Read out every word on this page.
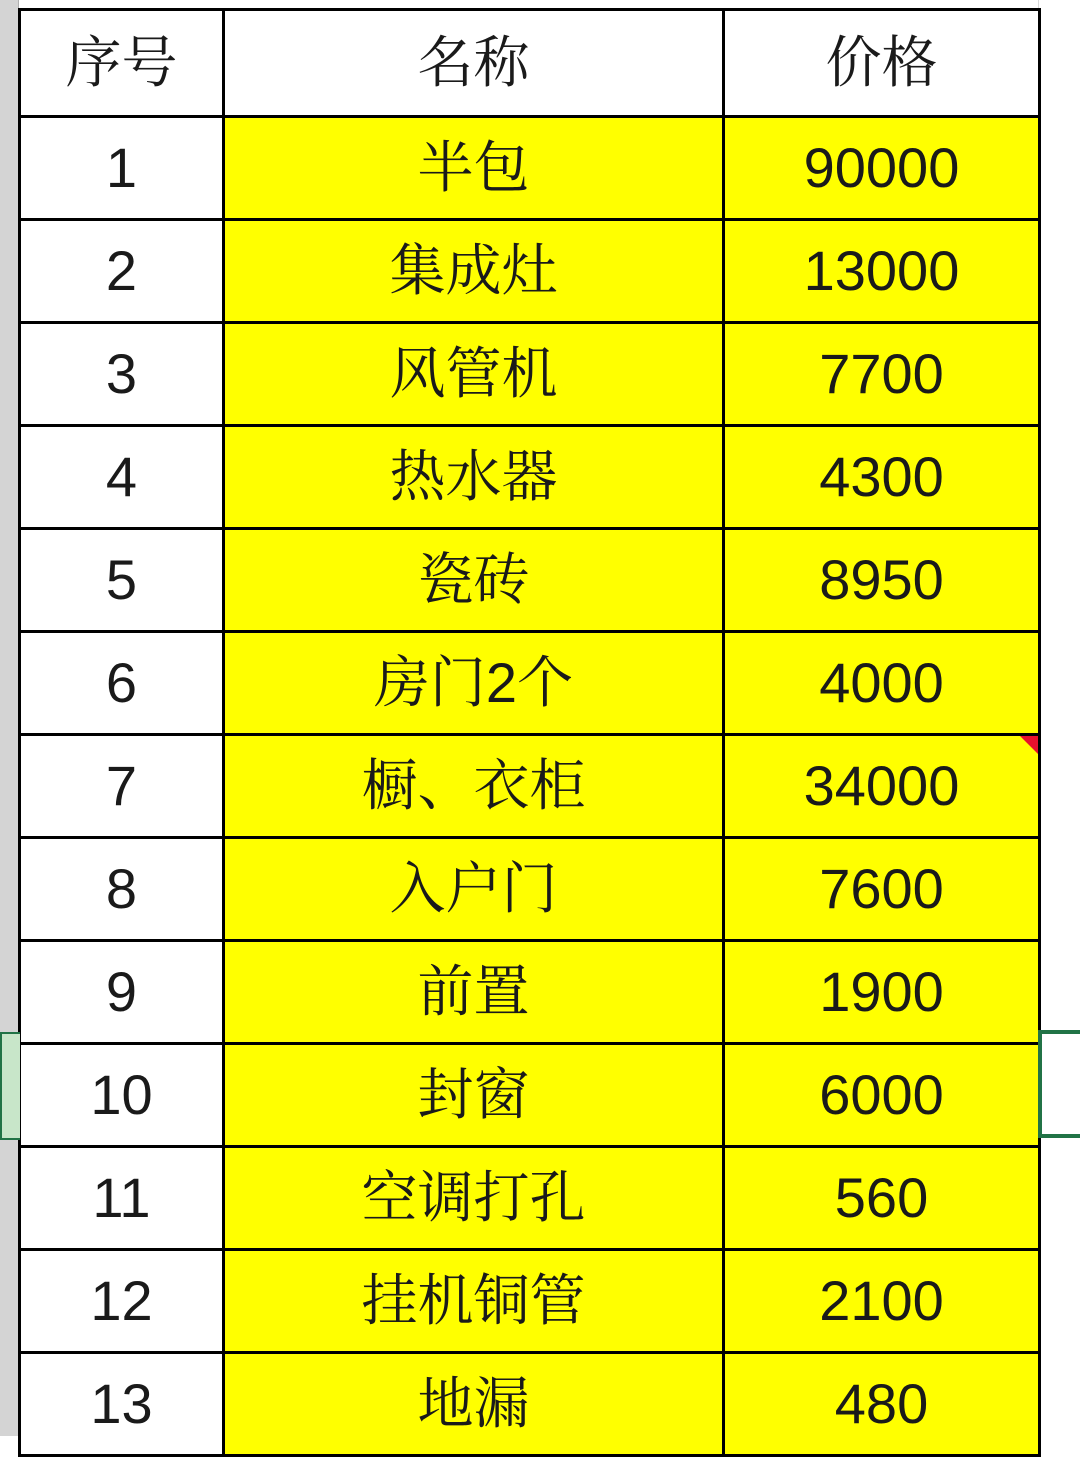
序号	名称	价格
1	半包	90000
2	集成灶	13000
3	风管机	7700
4	热水器	4300
5	瓷砖	8950
6	房门2个	4000
7	橱、衣柜	34000

8	入户门	7600
9	前置	1900
10	封窗	6000
11	空调打孔	560
12	挂机铜管	2100
13	地漏	480
